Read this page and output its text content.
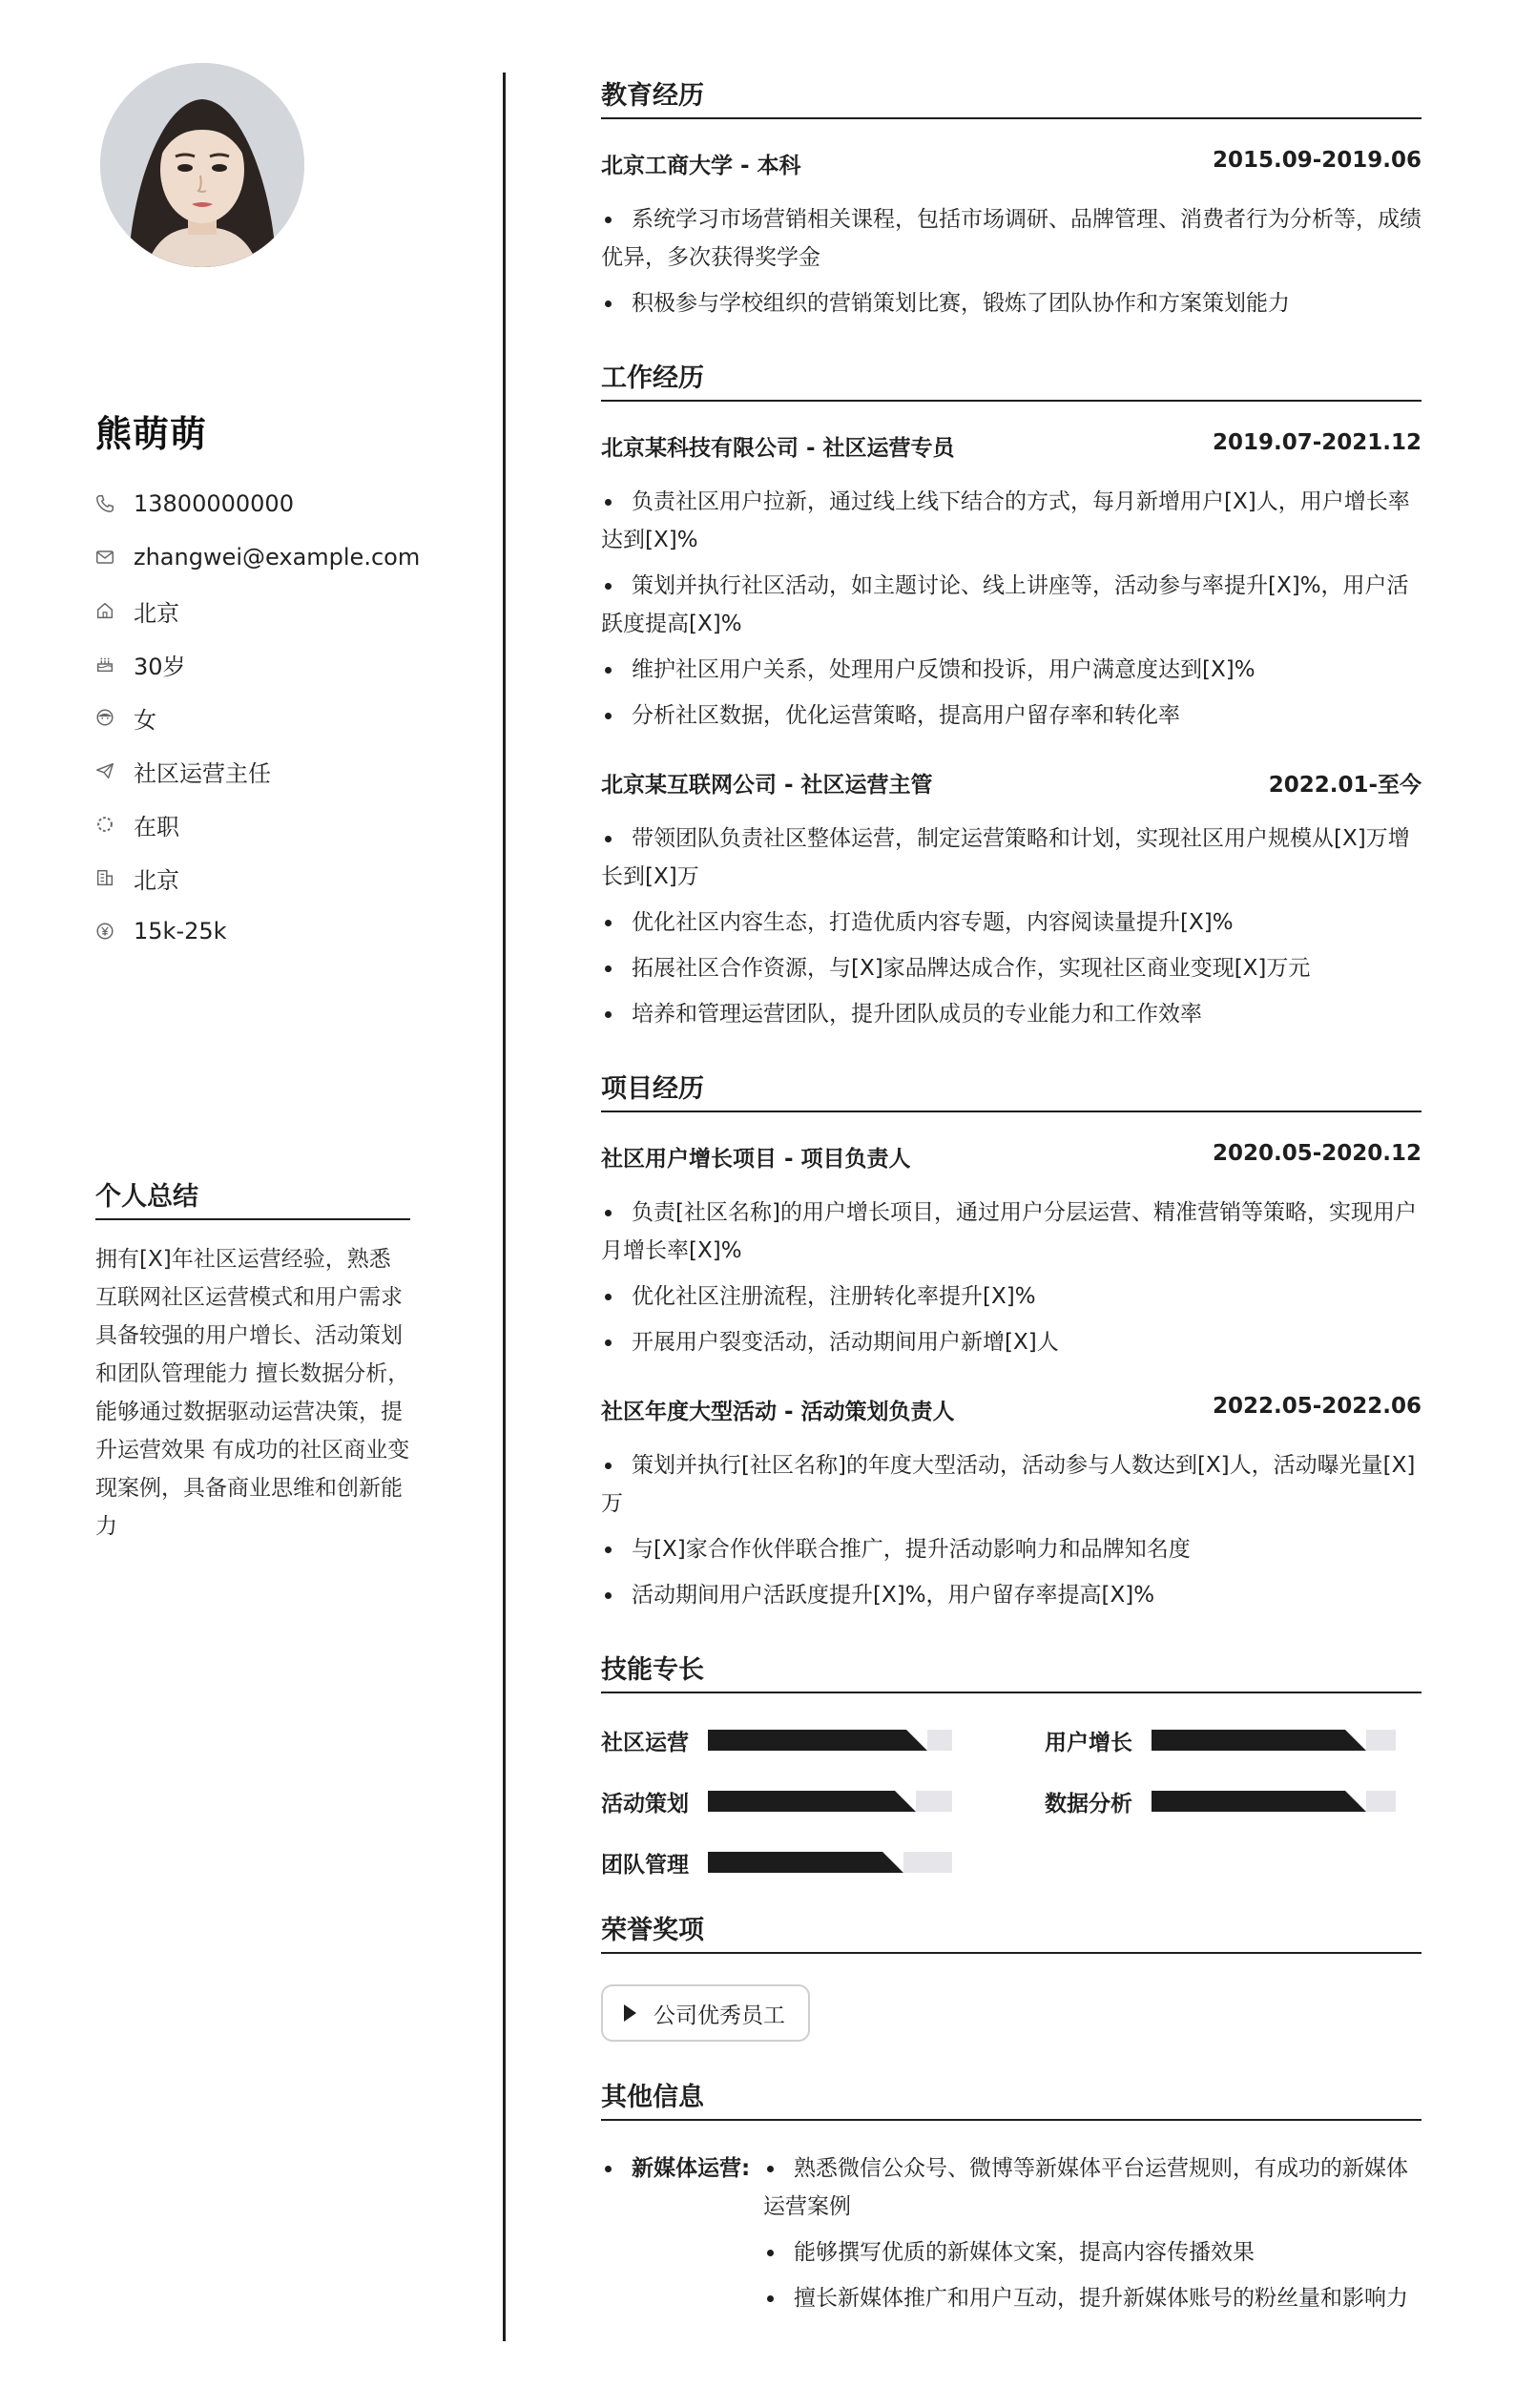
熊萌萌
13800000000
zhangwei@example.com
北京
30岁
女
社区运营主任
在职
北京
15k-25k
个人总结
拥有[X]年社区运营经验，熟悉互联网社区运营模式和用户需求 具备较强的用户增长、活动策划和团队管理能力 擅长数据分析，能够通过数据驱动运营决策，提升运营效果 有成功的社区商业变现案例，具备商业思维和创新能力
教育经历
北京工商大学 - 本科	2015.09-2019.06
系统学习市场营销相关课程，包括市场调研、品牌管理、消费者行为分析等，成绩优异，多次获得奖学金
积极参与学校组织的营销策划比赛，锻炼了团队协作和方案策划能力
工作经历
北京某科技有限公司 - 社区运营专员	2019.07-2021.12
负责社区用户拉新，通过线上线下结合的方式，每月新增用户[X]人，用户增长率达到[X]%
策划并执行社区活动，如主题讨论、线上讲座等，活动参与率提升[X]%，用户活跃度提高[X]%
维护社区用户关系，处理用户反馈和投诉，用户满意度达到[X]%
分析社区数据，优化运营策略，提高用户留存率和转化率
北京某互联网公司 - 社区运营主管	2022.01-至今
带领团队负责社区整体运营，制定运营策略和计划，实现社区用户规模从[X]万增长到[X]万
优化社区内容生态，打造优质内容专题，内容阅读量提升[X]%
拓展社区合作资源，与[X]家品牌达成合作，实现社区商业变现[X]万元
培养和管理运营团队，提升团队成员的专业能力和工作效率
项目经历
社区用户增长项目 - 项目负责人	2020.05-2020.12
负责[社区名称]的用户增长项目，通过用户分层运营、精准营销等策略，实现用户月增长率[X]%
优化社区注册流程，注册转化率提升[X]%
开展用户裂变活动，活动期间用户新增[X]人
社区年度大型活动 - 活动策划负责人	2022.05-2022.06
策划并执行[社区名称]的年度大型活动，活动参与人数达到[X]人，活动曝光量[X]万
与[X]家合作伙伴联合推广，提升活动影响力和品牌知名度
活动期间用户活跃度提升[X]%，用户留存率提高[X]%
技能专长
社区运营	用户增长
活动策划	数据分析
团队管理
荣誉奖项
公司优秀员工
其他信息
新媒体运营:	熟悉微信公众号、微博等新媒体平台运营规则，有成功的新媒体运营案例
能够撰写优质的新媒体文案，提高内容传播效果
擅长新媒体推广和用户互动，提升新媒体账号的粉丝量和影响力
